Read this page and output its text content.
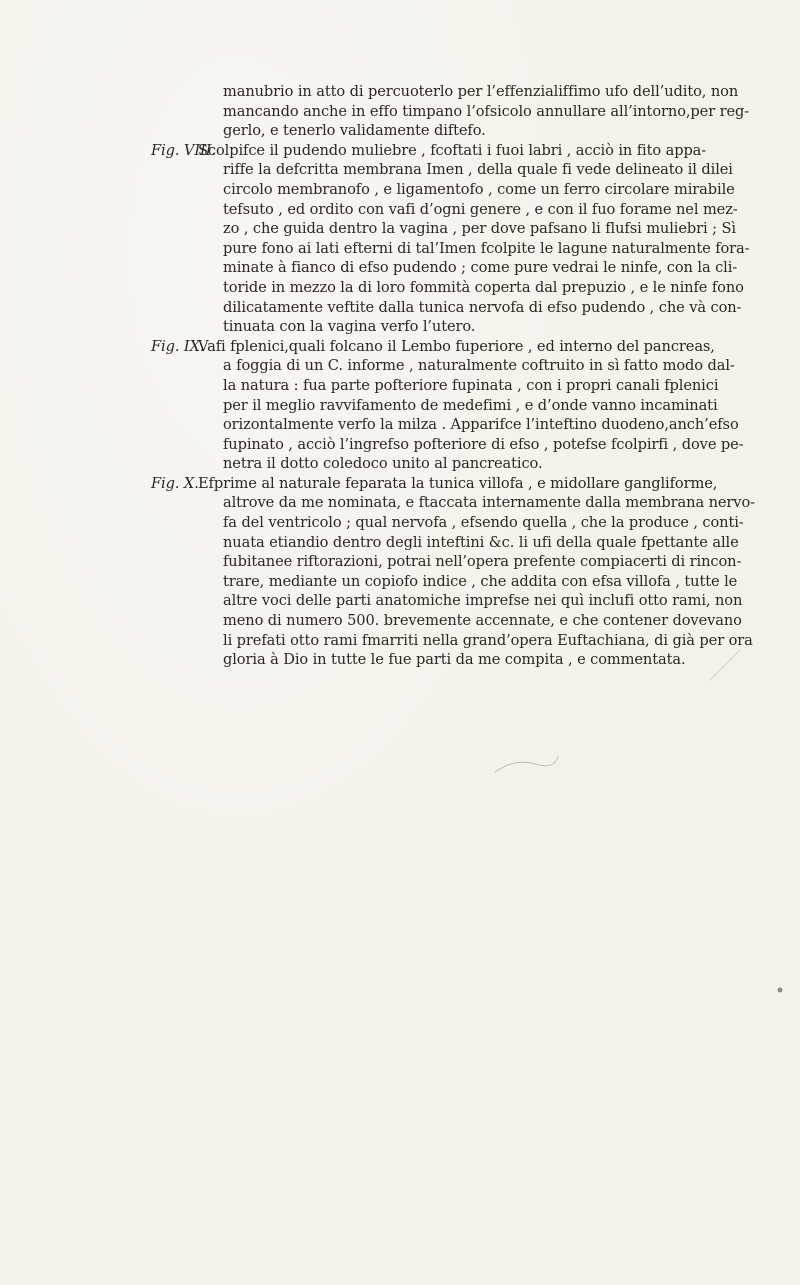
manubrio in atto di percuoterlo per l’effenzialiffimo ufo dell’udito, non
mancando anche in effo timpano l’ofsicolo annullare all’intorno,per reg-
gerlo, e tenerlo validamente diftefo.
Fig. VIII.
Scolpifce il pudendo muliebre , fcoftati i fuoi labri , acciò in fito appa-
riffe la defcritta membrana Imen , della quale fi vede delineato il dilei
circolo membranofo , e ligamentofo , come un ferro circolare mirabile
tefsuto , ed ordito con vafi d’ogni genere , e con il fuo forame nel mez-
zo , che guida dentro la vagina , per dove pafsano li flufsi muliebri ; Sì
pure fono ai lati efterni di tal’Imen fcolpite le lagune naturalmente fora-
minate à fianco di efso pudendo ; come pure vedrai le ninfe, con la cli-
toride in mezzo la di loro fommità coperta dal prepuzio , e le ninfe fono
dilicatamente veftite dalla tunica nervofa di efso pudendo , che và con-
tinuata con la vagina verfo l’utero.
Fig. IX.
Vafi fplenici,quali folcano il Lembo fuperiore , ed interno del pancreas,
a foggia di un C. informe , naturalmente coftruito in sì fatto modo dal-
la natura : fua parte pofteriore fupinata , con i propri canali fplenici
per il meglio ravvifamento de medefimi , e d’onde vanno incaminati
orizontalmente verfo la milza . Apparifce l’inteftino duodeno,anch’efso
fupinato , acciò l’ingrefso pofteriore di efso , potefse fcolpirfi , dove pe-
netra il dotto coledoco unito al pancreatico.
Fig. X. Efprime al naturale feparata la tunica villofa , e midollare gangliforme,
altrove da me nominata, e ftaccata internamente dalla membrana nervo-
fa del ventricolo ; qual nervofa , efsendo quella , che la produce , conti-
nuata etiandio dentro degli inteftini &c. li ufi della quale fpettante alle
fubitanee riftorazioni, potrai nell’opera prefente compiacerti di rincon-
trare, mediante un copiofo indice , che addita con efsa villofa , tutte le
altre voci delle parti anatomiche imprefse nei quì inclufi otto rami, non
meno di numero 500. brevemente accennate, e che contener dovevano
li prefati otto rami fmarriti nella grand’opera Euftachiana, di già per ora
gloria à Dio in tutte le fue parti da me compita , e commentata.
